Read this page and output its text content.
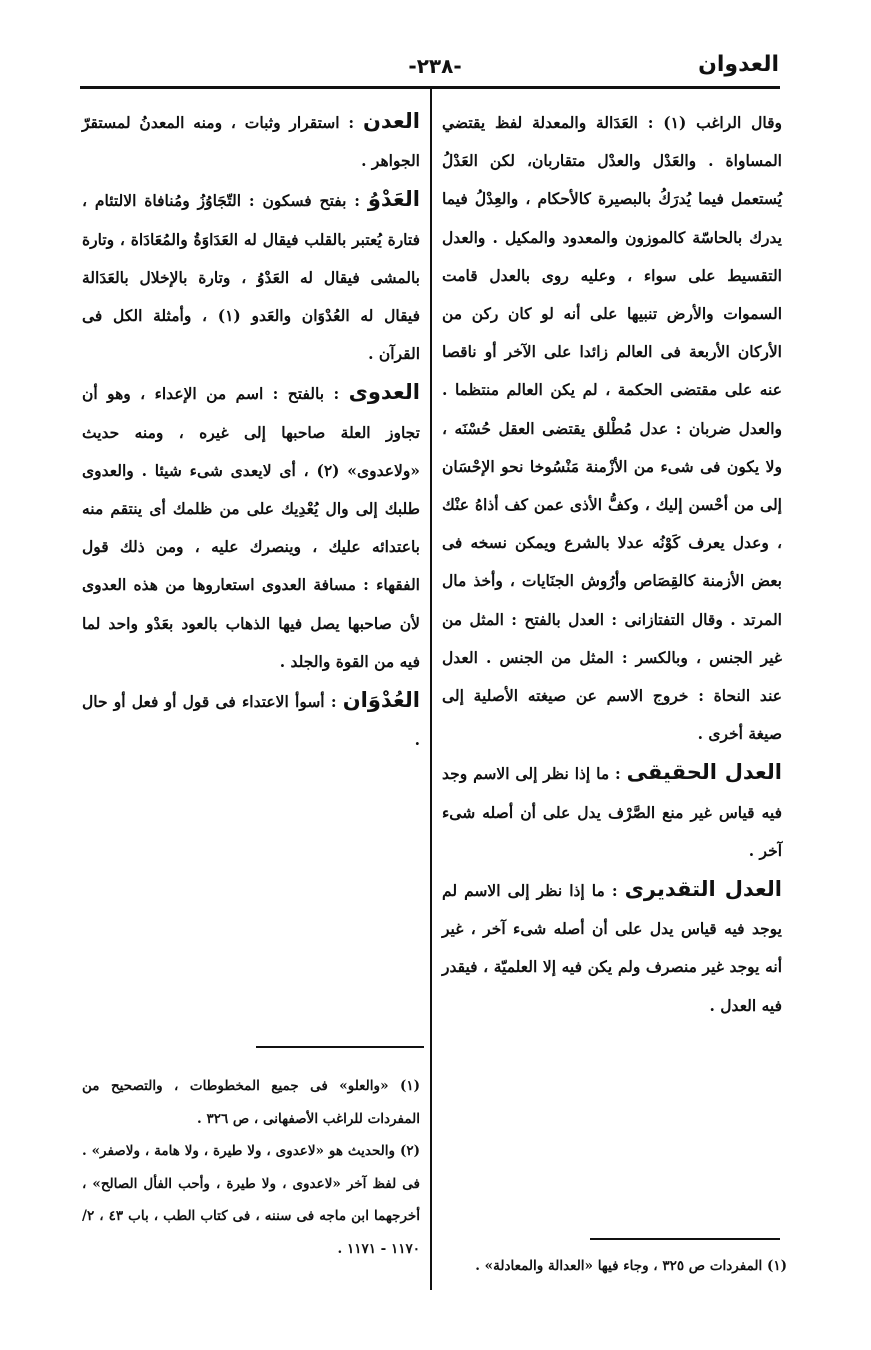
العدوان
-٢٣٨-
وقال الراغب (١) : العَدَالة والمعدلة لفظ يقتضي المساواة . والعَدْل والعدْل متقاربان، لكن العَدْلُ يُستعمل فيما يُدرَكُ بالبصيرة كالأحكام ، والعِدْلُ فيما يدرك بالحاسّة كالموزون والمعدود والمكيل . والعدل التقسيط على سواء ، وعليه روى بالعدل قامت السموات والأرض تنبيها على أنه لو كان ركن من الأركان الأربعة فى العالم زائدا على الآخر أو ناقصا عنه على مقتضى الحكمة ، لم يكن العالم منتظما . والعدل ضربان : عدل مُطْلق يقتضى العقل حُسْنَه ، ولا يكون فى شىء من الأزْمنة مَنْسُوخا نحو الإحْسَان إلى من أحْسن إليك ، وكفُّ الأذى عمن كف أذاهُ عنْك ، وعدل يعرف كَوْنُه عدلا بالشرع ويمكن نسخه فى بعض الأزمنة كالقِصَاص وأرُوش الجنَايات ، وأخذ مال المرتد . وقال التفتازانى : العدل بالفتح : المثل من غير الجنس ، وبالكسر : المثل من الجنس . العدل عند النحاة : خروج الاسم عن صيغته الأصلية إلى صيغة أخرى .
العدل الحقيقى : ما إذا نظر إلى الاسم وجد فيه قياس غير منع الصَّرْف يدل على أن أصله شىء آخر .
العدل التقديرى : ما إذا نظر إلى الاسم لم يوجد فيه قياس يدل على أن أصله شىء آخر ، غير أنه يوجد غير منصرف ولم يكن فيه إلا العلميّة ، فيقدر فيه العدل .
العدن : استقرار وثبات ، ومنه المعدنُ لمستقرّ الجواهر .
العَدْوُ : بفتح فسكون : التّجَاوُزُ ومُنافاة الالتئام ، فتارة يُعتبر بالقلب فيقال له العَدَاوَةُ والمُعَادَاة ، وتارة بالمشى فيقال له العَدْوُ ، وتارة بالإخلال بالعَدَالة فيقال له العُدْوَان والعَدو (١) ، وأمثلة الكل فى القرآن .
العدوى : بالفتح : اسم من الإعداء ، وهو أن تجاوز العلة صاحبها إلى غيره ، ومنه حديث «ولاعدوى» (٢) ، أى لايعدى شىء شيئا . والعدوى طلبك إلى وال يُعْدِيك على من ظلمك أى ينتقم منه باعتدائه عليك ، وينصرك عليه ، ومن ذلك قول الفقهاء : مسافة العدوى استعاروها من هذه العدوى لأن صاحبها يصل فيها الذهاب بالعود بعَدْو واحد لما فيه من القوة والجلد .
العُدْوَان : أسوأ الاعتداء فى قول أو فعل أو حال .
(١) المفردات ص ٣٢٥ ، وجاء فيها «العدالة والمعادلة» .
(١) «والعلو» فى جميع المخطوطات ، والتصحيح من المفردات للراغب الأصفهانى ، ص ٣٢٦ .
(٢) والحديث هو «لاعدوى ، ولا طيرة ، ولا هامة ، ولاصفر» . فى لفظ آخر «لاعدوى ، ولا طيرة ، وأحب الفأل الصالح» ، أخرجهما ابن ماجه فى سننه ، فى كتاب الطب ، باب ٤٣ ، ٢/ ١١٧٠ - ١١٧١ .
